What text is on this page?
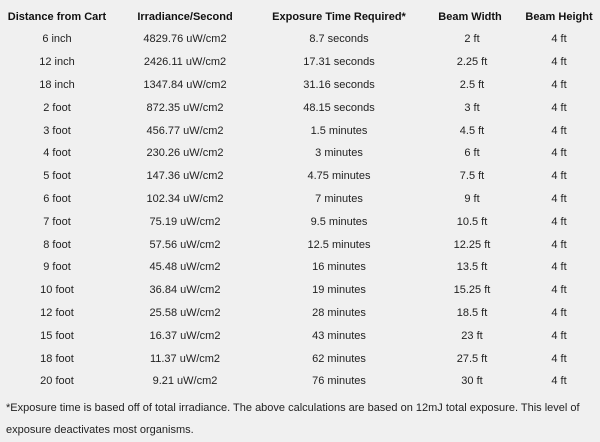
Distance from Cart	Irradiance/Second	Exposure Time Required*	Beam Width	Beam Height
6 inch	4829.76 uW/cm2	8.7 seconds	2 ft	4 ft
12 inch	2426.11 uW/cm2	17.31 seconds	2.25 ft	4 ft
18 inch	1347.84 uW/cm2	31.16 seconds	2.5 ft	4 ft
2 foot	872.35 uW/cm2	48.15 seconds	3 ft	4 ft
3 foot	456.77 uW/cm2	1.5 minutes	4.5 ft	4 ft
4 foot	230.26 uW/cm2	3 minutes	6 ft	4 ft
5 foot	147.36 uW/cm2	4.75 minutes	7.5 ft	4 ft
6 foot	102.34 uW/cm2	7 minutes	9 ft	4 ft
7 foot	75.19 uW/cm2	9.5 minutes	10.5 ft	4 ft
8 foot	57.56 uW/cm2	12.5 minutes	12.25 ft	4 ft
9 foot	45.48 uW/cm2	16 minutes	13.5 ft	4 ft
10 foot	36.84 uW/cm2	19 minutes	15.25 ft	4 ft
12 foot	25.58 uW/cm2	28 minutes	18.5 ft	4 ft
15 foot	16.37 uW/cm2	43 minutes	23 ft	4 ft
18 foot	11.37 uW/cm2	62 minutes	27.5 ft	4 ft
20 foot	9.21 uW/cm2	76 minutes	30 ft	4 ft
*Exposure time is based off of total irradiance. The above calculations are based on 12mJ total exposure. This level of exposure deactivates most organisms.
